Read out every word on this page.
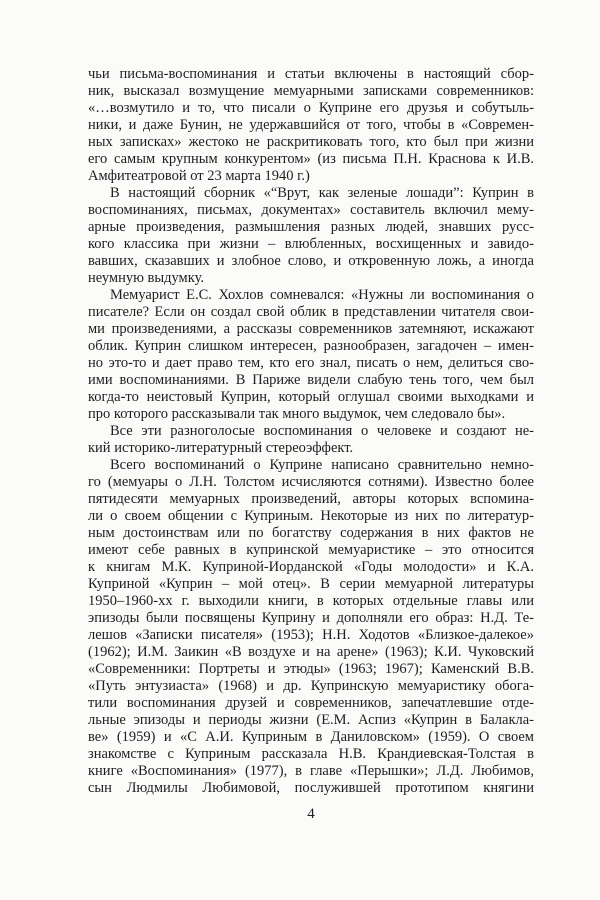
чьи письма-воспоминания и статьи включены в настоящий сбор-
ник, высказал возмущение мемуарными записками современников:
«…возмутило и то, что писали о Куприне его друзья и собутыль-
ники, и даже Бунин, не удержавшийся от того, чтобы в «Современ-
ных записках» жестоко не раскритиковать того, кто был при жизни
его самым крупным конкурентом» (из письма П.Н. Краснова к И.В.
Амфитеатровой от 23 марта 1940 г.)
В настоящий сборник «“Врут, как зеленые лошади”: Куприн в
воспоминаниях, письмах, документах» составитель включил мему-
арные произведения, размышления разных людей, знавших русс-
кого классика при жизни – влюбленных, восхищенных и завидо-
вавших, сказавших и злобное слово, и откровенную ложь, а иногда
неумную выдумку.
Мемуарист Е.С. Хохлов сомневался: «Нужны ли воспоминания о
писателе? Если он создал свой облик в представлении читателя свои-
ми произведениями, а рассказы современников затемняют, искажают
облик. Куприн слишком интересен, разнообразен, загадочен – имен-
но это-то и дает право тем, кто его знал, писать о нем, делиться сво-
ими воспоминаниями. В Париже видели слабую тень того, чем был
когда-то неистовый Куприн, который оглушал своими выходками и
про которого рассказывали так много выдумок, чем следовало бы».
Все эти разноголосые воспоминания о человеке и создают не-
кий историко-литературный стереоэффект.
Всего воспоминаний о Куприне написано сравнительно немно-
го (мемуары о Л.Н. Толстом исчисляются сотнями). Известно более
пятидесяти мемуарных произведений, авторы которых вспомина-
ли о своем общении с Куприным. Некоторые из них по литератур-
ным достоинствам или по богатству содержания в них фактов не
имеют себе равных в купринской мемуаристике – это относится
к книгам М.К. Куприной-Иорданской «Годы молодости» и К.А.
Куприной «Куприн – мой отец». В серии мемуарной литературы
1950–1960-хх г. выходили книги, в которых отдельные главы или
эпизоды были посвящены Куприну и дополняли его образ: Н.Д. Те-
лешов «Записки писателя» (1953); Н.Н. Ходотов «Близкое-далекое»
(1962); И.М. Заикин «В воздухе и на арене» (1963); К.И. Чуковский
«Современники: Портреты и этюды» (1963; 1967); Каменский В.В.
«Путь энтузиаста» (1968) и др. Купринскую мемуаристику обога-
тили воспоминания друзей и современников, запечатлевшие отде-
льные эпизоды и периоды жизни (Е.М. Аспиз «Куприн в Балакла-
ве» (1959) и «С А.И. Куприным в Даниловском» (1959). О своем
знакомстве с Куприным рассказала Н.В. Крандиевская-Толстая в
книге «Воспоминания» (1977), в главе «Перышки»; Л.Д. Любимов,
сын Людмилы Любимовой, послужившей прототипом княгини
4
